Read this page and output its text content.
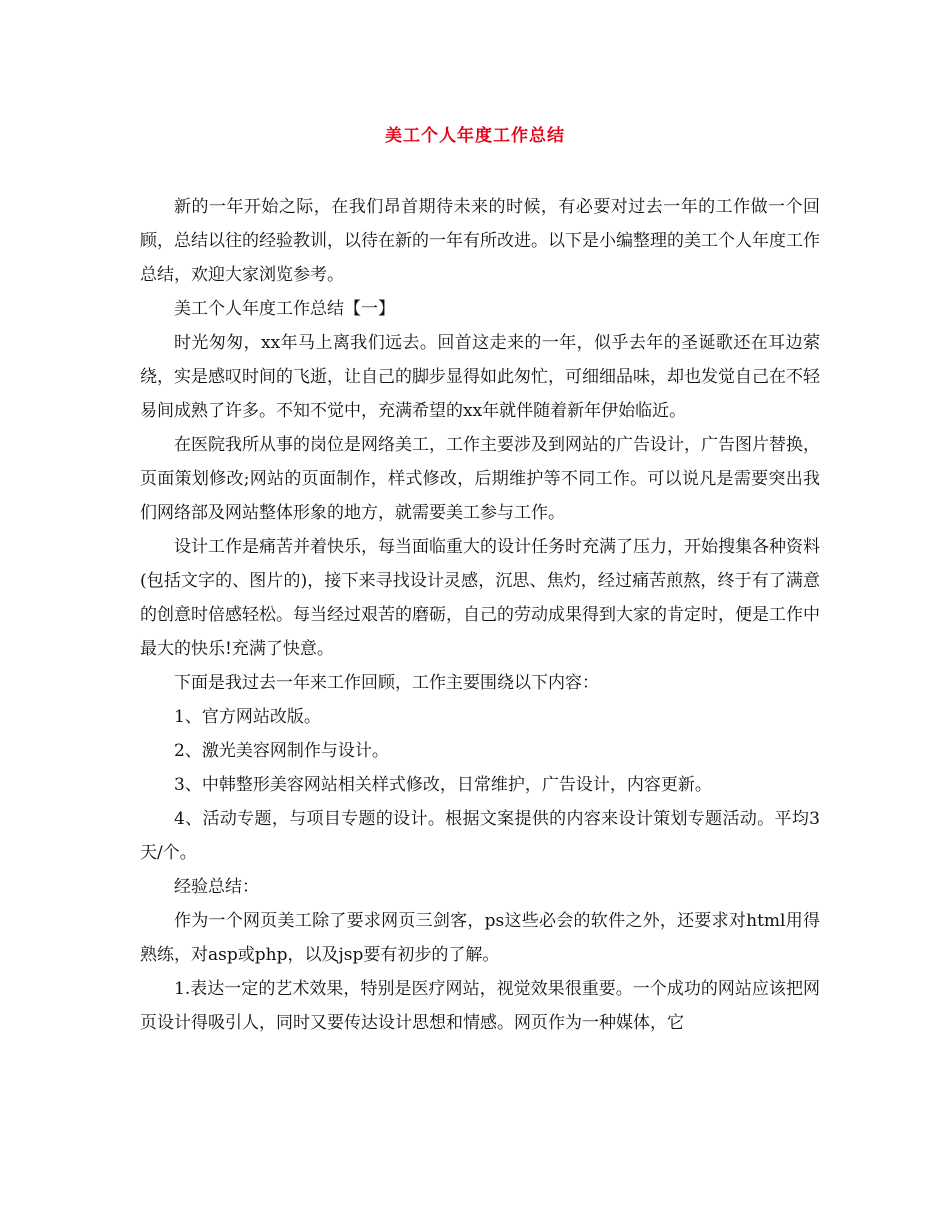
美工个人年度工作总结

新的一年开始之际，在我们昂首期待未来的时候，有必要对过去一年的工作做一个回顾，总结以往的经验教训，以待在新的一年有所改进。以下是小编整理的美工个人年度工作总结，欢迎大家浏览参考。

美工个人年度工作总结【一】

时光匆匆，xx年马上离我们远去。回首这走来的一年，似乎去年的圣诞歌还在耳边萦绕，实是感叹时间的飞逝，让自己的脚步显得如此匆忙，可细细品味，却也发觉自己在不轻易间成熟了许多。不知不觉中，充满希望的xx年就伴随着新年伊始临近。

在医院我所从事的岗位是网络美工，工作主要涉及到网站的广告设计，广告图片替换，页面策划修改;网站的页面制作，样式修改，后期维护等不同工作。可以说凡是需要突出我们网络部及网站整体形象的地方，就需要美工参与工作。

设计工作是痛苦并着快乐，每当面临重大的设计任务时充满了压力，开始搜集各种资料(包括文字的、图片的)，接下来寻找设计灵感，沉思、焦灼，经过痛苦煎熬，终于有了满意的创意时倍感轻松。每当经过艰苦的磨砺，自己的劳动成果得到大家的肯定时，便是工作中最大的快乐!充满了快意。

下面是我过去一年来工作回顾，工作主要围绕以下内容：

1、官方网站改版。

2、激光美容网制作与设计。

3、中韩整形美容网站相关样式修改，日常维护，广告设计，内容更新。

4、活动专题，与项目专题的设计。根据文案提供的内容来设计策划专题活动。平均3天/个。

经验总结：

作为一个网页美工除了要求网页三剑客，ps这些必会的软件之外，还要求对html用得熟练，对asp或php，以及jsp要有初步的了解。

1.表达一定的艺术效果，特别是医疗网站，视觉效果很重要。一个成功的网站应该把网页设计得吸引人，同时又要传达设计思想和情感。网页作为一种媒体，它
